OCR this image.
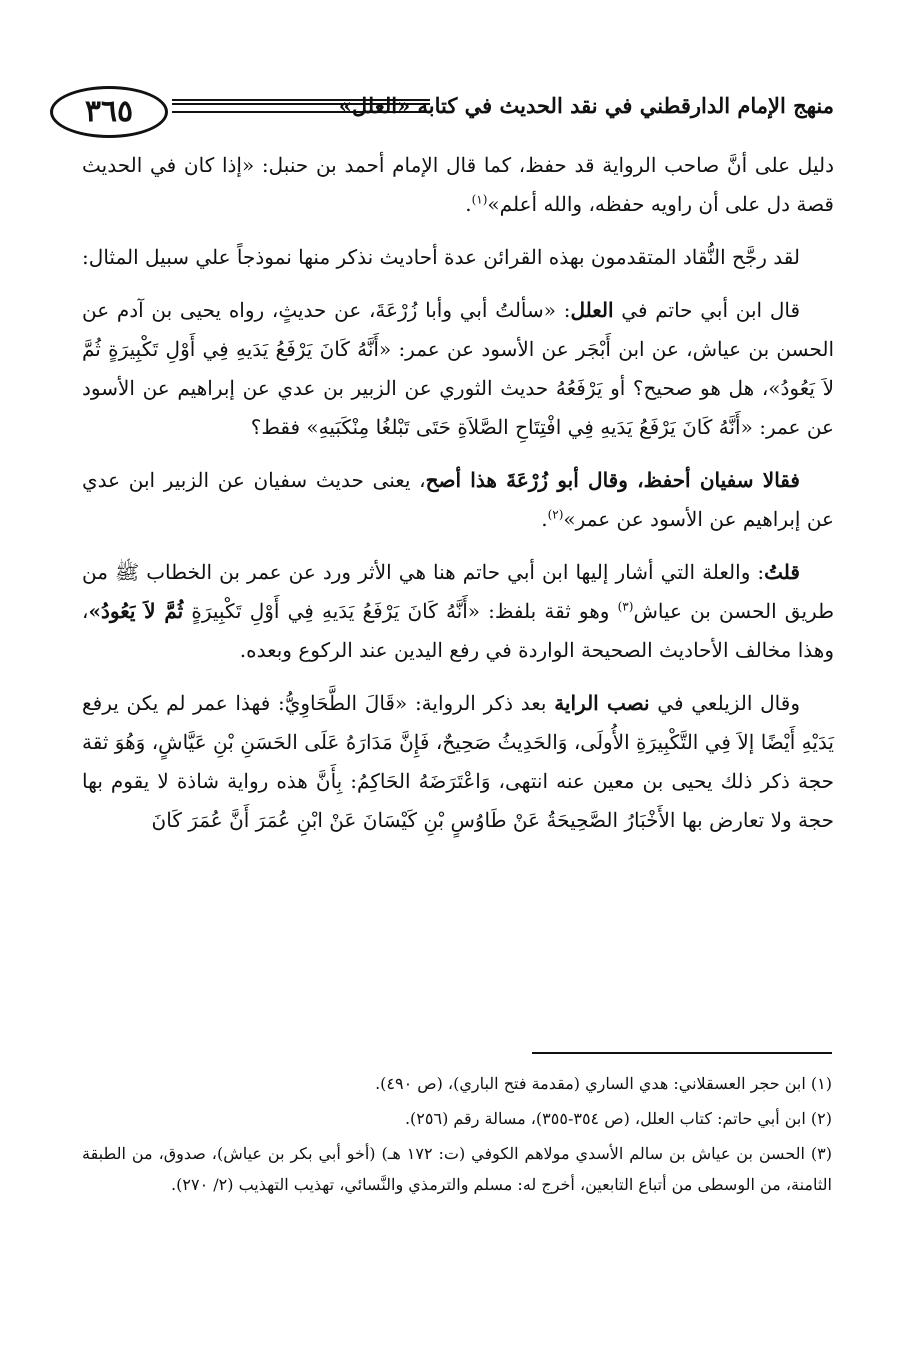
٣٦٥	منهج الإمام الدارقطني في نقد الحديث في كتابه «العلل»

دليل على أنَّ صاحب الرواية قد حفظ، كما قال الإمام أحمد بن حنبل: «إذا كان في الحديث قصة دل على أن راويه حفظه، والله أعلم»$^{(١)}$.

لقد رجَّح النُّقاد المتقدمون بهذه القرائن عدة أحاديث نذكر منها نموذجاً علي سبيل المثال:

قال ابن أبي حاتم في العلل: «سألتُ أبي وأبا زُرْعَةَ، عن حديثٍ، رواه يحيى بن آدم عن الحسن بن عياش، عن ابن أَبْجَر عن الأسود عن عمر: «أَنَّهُ كَانَ يَرْفَعُ يَدَيهِ فِي أَوْلِ تَكْبِيرَةٍ ثُمَّ لاَ يَعُودُ»، هل هو صحيح؟ أو يَرْفَعُهُ حديث الثوري عن الزبير بن عدي عن إبراهيم عن الأسود عن عمر: «أَنَّهُ كَانَ يَرْفَعُ يَدَيهِ فِي افْتِتَاحِ الصَّلاَةِ حَتَى تَبْلغُا مِنْكَبَيهِ» فقط؟

فقالا سفيان أحفظ، وقال أبو زُرْعَةَ هذا أصح، يعنى حديث سفيان عن الزبير ابن عدي عن إبراهيم عن الأسود عن عمر»$^{(٢)}$.

قلتُ: والعلة التي أشار إليها ابن أبي حاتم هنا هي الأثر ورد عن عمر بن الخطاب ﷺ من طريق الحسن بن عياش$^{(٣)}$ وهو ثقة بلفظ: «أَنَّهُ كَانَ يَرْفَعُ يَدَيهِ فِي أَوْلِ تَكْبِيرَةٍ ثُمَّ لاَ يَعُودُ»، وهذا مخالف الأحاديث الصحيحة الواردة في رفع اليدين عند الركوع وبعده.

وقال الزيلعي في نصب الراية بعد ذكر الرواية: «قَالَ الطَّحَاوِيُّ: فهذا عمر لم يكن يرفع يَدَيْهِ أَيْضًا إلاَ فِي التَّكْبِيرَةِ الأُولَى، وَالحَدِيثُ صَحِيحٌ، فَإِنَّ مَدَارَهُ عَلَى الحَسَنِ بْنِ عَيَّاشٍ، وَهُوَ ثقة حجة ذكر ذلك يحيى بن معين عنه انتهى، وَاعْتَرَضَهُ الحَاكِمُ: بِأَنَّ هذه رواية شاذة لا يقوم بها حجة ولا تعارض بها الأَخْبَارُ الصَّحِيحَةُ عَنْ طَاوُسٍ بْنِ كَيْسَانَ عَنْ ابْنِ عُمَرَ أَنَّ عُمَرَ كَانَ

(١) ابن حجر العسقلاني: هدي الساري (مقدمة فتح الباري)، (ص ٤٩٠).

(٢) ابن أبي حاتم: كتاب العلل، (ص ٣٥٤-٣٥٥)، مسالة رقم (٢٥٦).

(٣) الحسن بن عياش بن سالم الأسدي مولاهم الكوفي (ت: ١٧٢ هـ) (أخو أبي بكر بن عياش)، صدوق، من الطبقة الثامنة، من الوسطى من أتباع التابعين، أخرج له: مسلم والترمذي والنَّسائي، تهذيب التهذيب (٢/ ٢٧٠).
